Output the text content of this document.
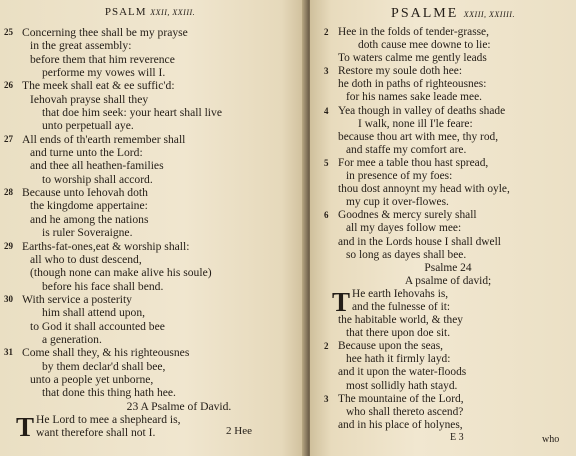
PSALM XXII, XXIII.
25 Concerning thee shall be my prayse
in the great assembly:
before them that him reverence
performe my vowes will I.
26 The meek shall eat & ee suffic'd:
Iehovah prayse shall they
that doe him seek: your heart shall live
unto perpetuall aye.
27 All ends of th'earth remember shall
and turne unto the Lord:
and thee all heathen-families
to worship shall accord.
28 Because unto Iehovah doth
the kingdome appertaine:
and he among the nations
is ruler Soveraigne.
29 Earths-fat-ones,eat & worship shall:
all who to dust descend,
(though none can make alive his soule)
before his face shall bend.
30 With service a posterity
him shall attend upon,
to God it shall accounted bee
a generation.
31 Come shall they, & his righteousnes
by them declar'd shall bee,
unto a people yet unborne,
that done this thing hath hee.
23 A Psalme of David.
T He Lord to mee a shepheard is,
want therefore shall not I.	2 Hee
PSALME XXIII, XXIIII.
2 Hee in the folds of tender-grasse,
doth cause mee downe to lie:
To waters calme me gently leads
3 Restore my soule doth hee:
he doth in paths of righteousnes:
for his names sake leade mee.
4 Yea though in valley of deaths shade
I walk, none ill I'le feare:
because thou art with mee, thy rod,
and staffe my comfort are.
5 For mee a table thou hast spread,
in presence of my foes:
thou dost annoynt my head with oyle,
my cup it over-flowes.
6 Goodnes & mercy surely shall
all my dayes follow mee:
and in the Lords house I shall dwell
so long as dayes shall bee.
Psalme 24
A psalme of david;
T He earth Iehovahs is,
and the fulnesse of it:
the habitable world, & they
that there upon doe sit.
2 Because upon the seas,
hee hath it firmly layd:
and it upon the water-floods
most sollidly hath stayd.
3 The mountaine of the Lord,
who shall thereto ascend?
and in his place of holynes,
E 3	who
